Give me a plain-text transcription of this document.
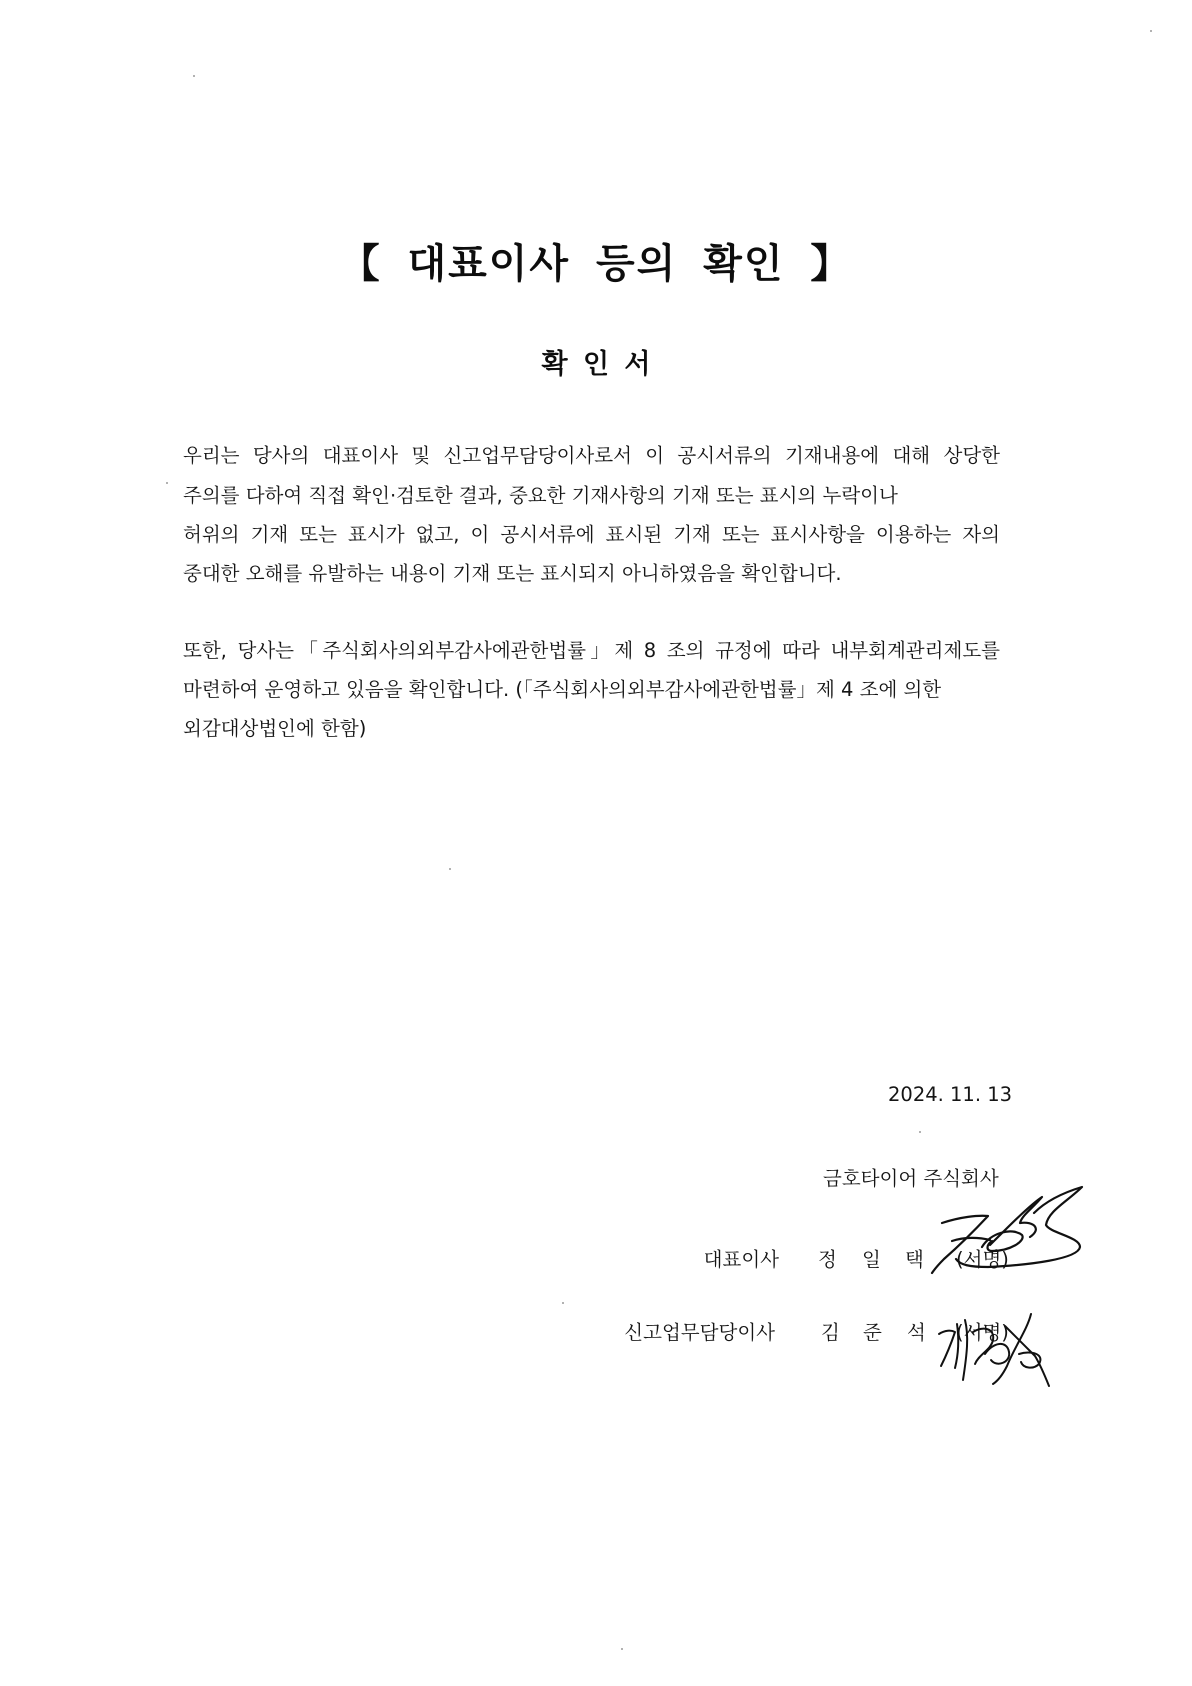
【 대표이사 등의 확인 】
확 인 서
우리는 당사의 대표이사 및 신고업무담당이사로서 이 공시서류의 기재내용에 대해 상당한
주의를 다하여 직접 확인·검토한 결과, 중요한 기재사항의 기재 또는 표시의 누락이나
허위의 기재 또는 표시가 없고, 이 공시서류에 표시된 기재 또는 표시사항을 이용하는 자의
중대한 오해를 유발하는 내용이 기재 또는 표시되지 아니하였음을 확인합니다.
또한, 당사는「주식회사의외부감사에관한법률」제 8 조의 규정에 따라 내부회계관리제도를
마련하여 운영하고 있음을 확인합니다. (「주식회사의외부감사에관한법률」제 4 조에 의한
외감대상법인에 한함)
2024. 11. 13
금호타이어 주식회사
대표이사 정 일 택 (서명)
신고업무담당이사 김 준 석 (서명)
